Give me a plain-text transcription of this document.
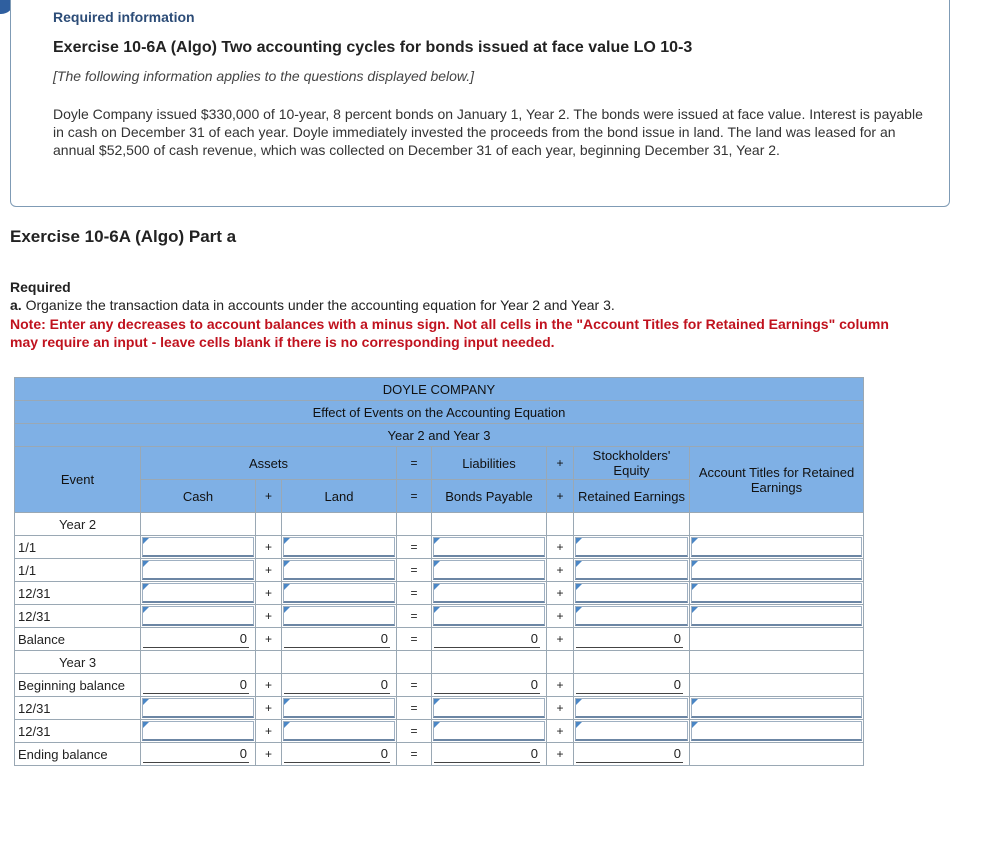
Required information
Exercise 10-6A (Algo) Two accounting cycles for bonds issued at face value LO 10-3
[The following information applies to the questions displayed below.]
Doyle Company issued $330,000 of 10-year, 8 percent bonds on January 1, Year 2. The bonds were issued at face value. Interest is payable in cash on December 31 of each year. Doyle immediately invested the proceeds from the bond issue in land. The land was leased for an annual $52,500 of cash revenue, which was collected on December 31 of each year, beginning December 31, Year 2.
Exercise 10-6A (Algo) Part a
Required
a. Organize the transaction data in accounts under the accounting equation for Year 2 and Year 3.
Note: Enter any decreases to account balances with a minus sign. Not all cells in the "Account Titles for Retained Earnings" column may require an input - leave cells blank if there is no corresponding input needed.
DOYLE COMPANY								
Effect of Events on the Accounting Equation								
Year 2 and Year 3								
Event	Assets			=	Liabilities	+	Stockholders' Equity	Account Titles for Retained Earnings
	Cash	+	Land	=	Bonds Payable	+	Retained Earnings	
Year 2								
1/1		+		=		+	

1/1		+		=		+	

12/31		+		=		+	

12/31		+		=		+	

Balance	0	+	0	=	0	+	0	

Year 3								
Beginning balance	0	+	0	=	0	+	0	

12/31		+		=		+	

12/31		+		=		+	

Ending balance	0	+	0	=	0	+	0	
